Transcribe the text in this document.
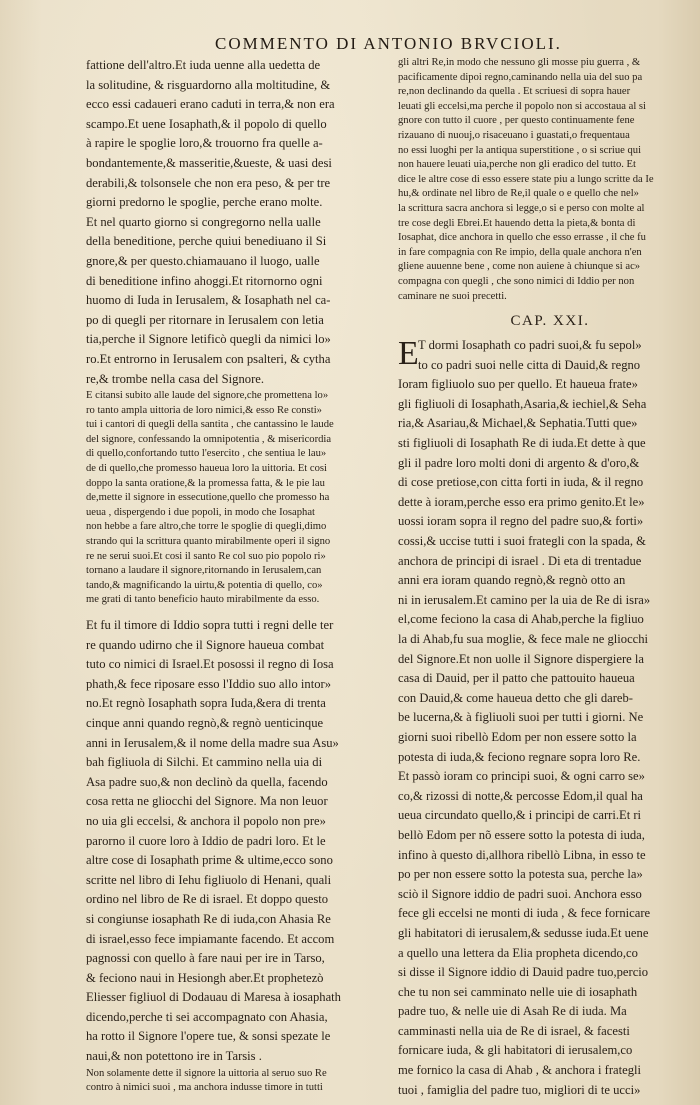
COMMENTO DI ANTONIO BRVCIOLI.
fattione dell'altro.Et iuda uenne alla uedetta de
la solitudine, & risguardorno alla moltitudine, &
ecco essi cadaueri erano caduti in terra,& non era
scampo.Et uene Iosaphath,& il popolo di quello
à rapire le spoglie loro,& trouorno fra quelle a-
bondantemente,& masseritie,&ueste, & uasi desi
derabili,& tolsonsele che non era peso, & per tre
giorni predorno le spoglie, perche erano molte.
Et nel quarto giorno si congregorno nella ualle
della beneditione, perche quiui benediuano il Si
gnore,& per questo.chiamauano il luogo, ualle
di beneditione infino ahoggi.Et ritornorno ogni
huomo di Iuda in Ierusalem, & Iosaphath nel ca-
po di quegli per ritornare in Ierusalem con letia
tia,perche il Signore letificò quegli da nimici lo»
ro.Et entrorno in Ierusalem con psalteri, & cytha
re,& trombe nella casa del Signore.
E citansi subito alle laude del signore,che promettena lo»
ro tanto ampla uittoria de loro nimici,& esso Re consti»
tui i cantori di quegli della santita , che cantassino le laude
del signore, confessando la omnipotentia , & misericordia
di quello,confortando tutto l'esercito , che sentiua le lau»
de di quello,che promesso haueua loro la uittoria. Et cosi
doppo la santa oratione,& la promessa fatta, & le pie lau
de,mette il signore in essecutione,quello che promesso ha
ueua , dispergendo i due popoli, in modo che Iosaphat
non hebbe a fare altro,che torre le spoglie di quegli,dimo
strando qui la scrittura quanto mirabilmente operi il signo
re ne serui suoi.Et cosi il santo Re col suo pio popolo ri»
tornano a laudare il signore,ritornando in Ierusalem,can
tando,& magnificando la uirtu,& potentia di quello, co»
me grati di tanto beneficio hauto mirabilmente da esso.
Et fu il timore di Iddio sopra tutti i regni delle ter
re quando udirno che il Signore haueua combat
tuto co nimici di Israel.Et posossi il regno di Iosa
phath,& fece riposare esso l'Iddio suo allo intor»
no.Et regnò Iosaphath sopra Iuda,&era di trenta
cinque anni quando regnò,& regnò uenticinque
anni in Ierusalem,& il nome della madre sua Asu»
bah figliuola di Silchi. Et cammino nella uia di
Asa padre suo,& non declinò da quella, facendo
cosa retta ne gliocchi del Signore. Ma non leuor
no uia gli eccelsi, & anchora il popolo non pre»
parorno il cuore loro à Iddio de padri loro. Et le
altre cose di Iosaphath prime & ultime,ecco sono
scritte nel libro di Iehu figliuolo di Henani, quali
ordino nel libro de Re di israel. Et doppo questo
si congiunse iosaphath Re di iuda,con Ahasia Re
di israel,esso fece impiamante facendo. Et accom
pagnossi con quello à fare naui per ire in Tarso,
& feciono naui in Hesiongh aber.Et prophetezò
Eliesser figliuol di Dodauau di Maresa à iosaphath
dicendo,perche ti sei accompagnato con Ahasia,
ha rotto il Signore l'opere tue, & sonsi spezate le
naui,& non potettono ire in Tarsis .
Non solamente dette il signore la uittoria al seruo suo Re
contro à nimici suoi , ma anchora indusse timore in tutti
gli altri Re,in modo che nessuno gli mosse piu guerra , &
pacificamente dipoi regno,caminando nella uia del suo pa
re,non declinando da quella . Et scriuesi di sopra hauer
leuati gli eccelsi,ma perche il popolo non si accostaua al si
gnore con tutto il cuore , per questo continuamente fene
rizauano di nuouj,o risaceuano i guastati,o frequentaua
no essi luoghi per la antiqua superstitione , o si scriue qui
non hauere leuati uia,perche non gli eradico del tutto. Et
dice le altre cose di esso essere state piu a lungo scritte da Ie
hu,& ordinate nel libro de Re,il quale o e quello che nel»
la scrittura sacra anchora si legge,o si e perso con molte al
tre cose degli Ebrei.Et hauendo detta la pieta,& bonta di
Iosaphat, dice anchora in quello che esso errasse , il che fu
in fare compagnia con Re impio, della quale anchora n'en
gliene auuenne bene , come non auiene à chiunque si ac»
compagna con quegli , che sono nimici di Iddio per non
caminare ne suoi precetti.
CAP. XXI.
E T dormi Iosaphath co padri suoi,& fu sepol»
to co padri suoi nelle citta di Dauid,& regno
Ioram figliuolo suo per quello. Et haueua frate»
gli figliuoli di Iosaphath,Asaria,& iechiel,& Seha
ria,& Asariau,& Michael,& Sephatia.Tutti que»
sti figliuoli di Iosaphath Re di iuda.Et dette à que
gli il padre loro molti doni di argento & d'oro,&
di cose pretiose,con citta forti in iuda, & il regno
dette à ioram,perche esso era primo genito.Et le»
uossi ioram sopra il regno del padre suo,& forti»
cossi,& uccise tutti i suoi frategli con la spada, &
anchora de principi di israel . Di eta di trentadue
anni era ioram quando regnò,& regnò otto an
ni in ierusalem.Et camino per la uia de Re di isra»
el,come feciono la casa di Ahab,perche la figliuo
la di Ahab,fu sua moglie, & fece male ne gliocchi
del Signore.Et non uolle il Signore dispergiere la
casa di Dauid, per il patto che pattouito haueua
con Dauid,& come haueua detto che gli dareb-
be lucerna,& à figliuoli suoi per tutti i giorni. Ne
giorni suoi ribellò Edom per non essere sotto la
potesta di iuda,& feciono regnare sopra loro Re.
Et passò ioram co principi suoi, & ogni carro se»
co,& rizossi di notte,& percosse Edom,il qual ha
ueua circundato quello,& i principi de carri.Et ri
bellò Edom per nõ essere sotto la potesta di iuda,
infino à questo di,allhora ribellò Libna, in esso te
po per non essere sotto la potesta sua, perche la»
sciò il Signore iddio de padri suoi. Anchora esso
fece gli eccelsi ne monti di iuda , & fece fornicare
gli habitatori di ierusalem,& sedusse iuda.Et uene
a quello una lettera da Elia propheta dicendo,co
si disse il Signore iddio di Dauid padre tuo,percio
che tu non sei camminato nelle uie di iosaphath
padre tuo, & nelle uie di Asah Re di iuda. Ma
camminasti nella uia de Re di israel, & facesti
fornicare iuda, & gli habitatori di ierusalem,co
me fornico la casa di Ahab , & anchora i frategli
tuoi , famiglia del padre tuo, migliori di te ucci»
